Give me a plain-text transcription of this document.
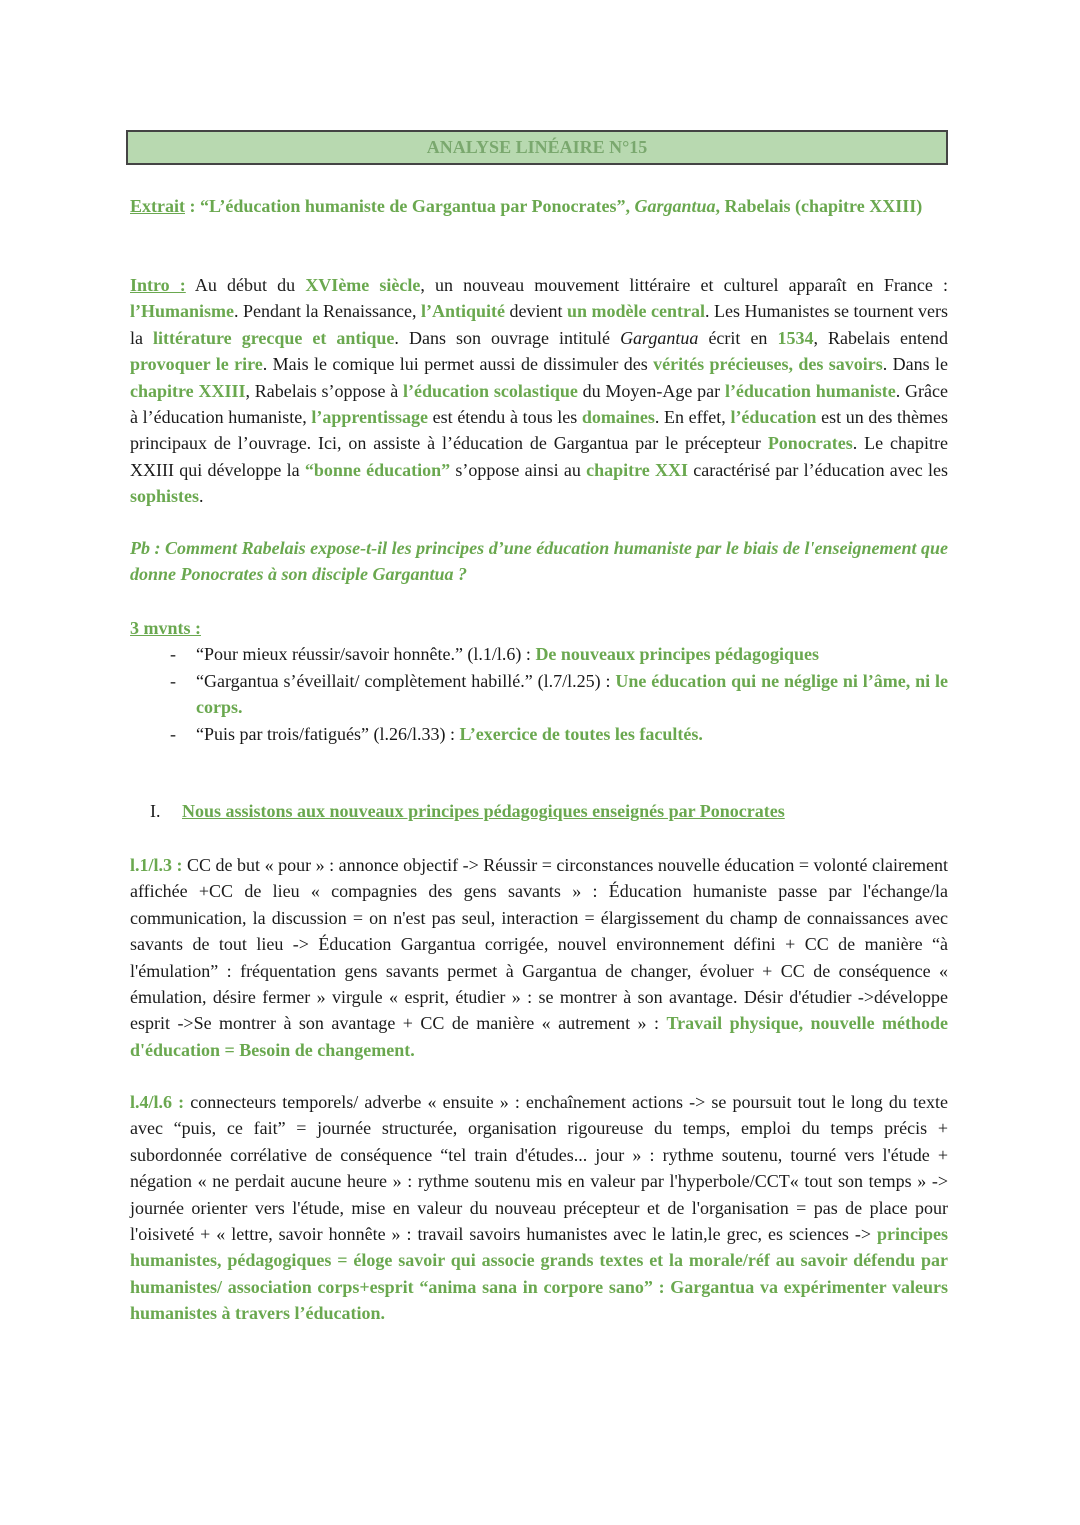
ANALYSE LINÉAIRE N°15
Extrait : “L’éducation humaniste de Gargantua par Ponocrates”, Gargantua, Rabelais (chapitre XXIII)
Intro : Au début du XVIème siècle, un nouveau mouvement littéraire et culturel apparaît en France : l’Humanisme. Pendant la Renaissance, l’Antiquité devient un modèle central. Les Humanistes se tournent vers la littérature grecque et antique. Dans son ouvrage intitulé Gargantua écrit en 1534, Rabelais entend provoquer le rire. Mais le comique lui permet aussi de dissimuler des vérités précieuses, des savoirs. Dans le chapitre XXIII, Rabelais s’oppose à l’éducation scolastique du Moyen-Age par l’éducation humaniste. Grâce à l’éducation humaniste, l’apprentissage est étendu à tous les domaines. En effet, l’éducation est un des thèmes principaux de l’ouvrage. Ici, on assiste à l’éducation de Gargantua par le précepteur Ponocrates. Le chapitre XXIII qui développe la “bonne éducation” s’oppose ainsi au chapitre XXI caractérisé par l’éducation avec les sophistes.
Pb : Comment Rabelais expose-t-il les principes d’une éducation humaniste par le biais de l'enseignement que donne Ponocrates à son disciple Gargantua ?
3 mvnts :
- “Pour mieux réussir/savoir honnête.” (l.1/l.6) : De nouveaux principes pédagogiques
- “Gargantua s’éveillait/ complètement habillé.” (l.7/l.25) : Une éducation qui ne néglige ni l’âme, ni le corps.
- “Puis par trois/fatigués” (l.26/l.33) : L’exercice de toutes les facultés.
I. Nous assistons aux nouveaux principes pédagogiques enseignés par Ponocrates
l.1/l.3 : CC de but « pour » : annonce objectif -> Réussir = circonstances nouvelle éducation = volonté clairement affichée +CC de lieu « compagnies des gens savants » : Éducation humaniste passe par l'échange/la communication, la discussion = on n'est pas seul, interaction = élargissement du champ de connaissances avec savants de tout lieu -> Éducation Gargantua corrigée, nouvel environnement défini + CC de manière “à l'émulation” : fréquentation gens savants permet à Gargantua de changer, évoluer + CC de conséquence « émulation, désire fermer » virgule « esprit, étudier » : se montrer à son avantage. Désir d'étudier ->développe esprit ->Se montrer à son avantage + CC de manière « autrement » : Travail physique, nouvelle méthode d'éducation = Besoin de changement.
l.4/l.6 : connecteurs temporels/ adverbe « ensuite » : enchaînement actions -> se poursuit tout le long du texte avec “puis, ce fait” = journée structurée, organisation rigoureuse du temps, emploi du temps précis + subordonnée corrélative de conséquence “tel train d'études... jour » : rythme soutenu, tourné vers l'étude + négation « ne perdait aucune heure » : rythme soutenu mis en valeur par l'hyperbole/CCT« tout son temps » -> journée orienter vers l'étude, mise en valeur du nouveau précepteur et de l'organisation = pas de place pour l'oisiveté + « lettre, savoir honnête » : travail savoirs humanistes avec le latin,le grec, es sciences -> principes humanistes, pédagogiques = éloge savoir qui associe grands textes et la morale/réf au savoir défendu par humanistes/ association corps+esprit “anima sana in corpore sano” : Gargantua va expérimenter valeurs humanistes à travers l’éducation.
